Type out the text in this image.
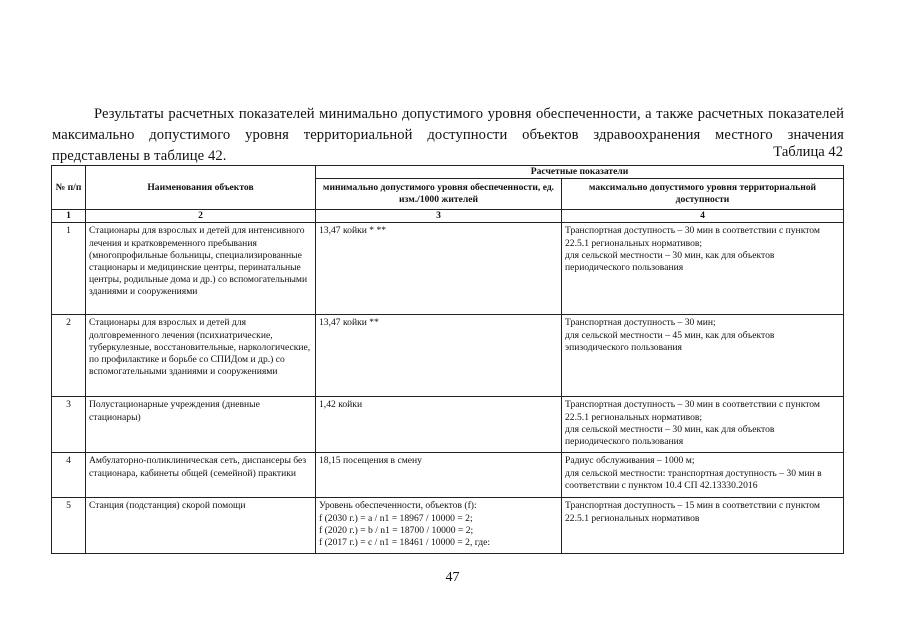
Результаты расчетных показателей минимально допустимого уровня обеспеченности, а также расчетных показателей максимально допустимого уровня территориальной доступности объектов здравоохранения местного значения представлены в таблице 42.	Таблица 42
№ п/п	Наименования объектов	Расчетные показатели	
		минимально допустимого уровня обеспеченности, ед. изм./1000 жителей	максимально допустимого уровня территориальной доступности
1	2	3	4
1	Стационары для взрослых и детей для интенсивного лечения и кратковременного пребывания (многопрофильные больницы, специализированные стационары и медицинские центры, перинатальные центры, родильные дома и др.) со вспомогательными зданиями и сооружениями	13,47 койки * **	Транспортная доступность – 30 мин в соответствии с пунктом 22.5.1 региональных нормативов;
для сельской местности – 30 мин, как для объектов периодического пользования

2	Стационары для взрослых и детей для долговременного лечения (психиатрические, туберкулезные, восстановительные, наркологические, по профилактике и борьбе со СПИДом и др.) со вспомогательными зданиями и сооружениями	13,47 койки **	Транспортная доступность – 30 мин;
для сельской местности – 45 мин, как для объектов эпизодического пользования

3	Полустационарные учреждения (дневные стационары)	1,42 койки	Транспортная доступность – 30 мин в соответствии с пунктом 22.5.1 региональных нормативов;
для сельской местности – 30 мин, как для объектов периодического пользования

4	Амбулаторно-поликлиническая сеть, диспансеры без стационара, кабинеты общей (семейной) практики	18,15 посещения в смену	Радиус обслуживания – 1000 м;
для сельской местности: транспортная доступность – 30 мин в соответствии с пунктом 10.4 СП 42.13330.2016

5	Станция (подстанция) скорой помощи	Уровень обеспеченности, объектов (f):
f (2030 г.) = a / n1 = 18967 / 10000 = 2;
f (2020 г.) = b / n1 = 18700 / 10000 = 2;
f (2017 г.) = c / n1 = 18461 / 10000 = 2, где:	Транспортная доступность – 15 мин в соответствии с пунктом 22.5.1 региональных нормативов
47
